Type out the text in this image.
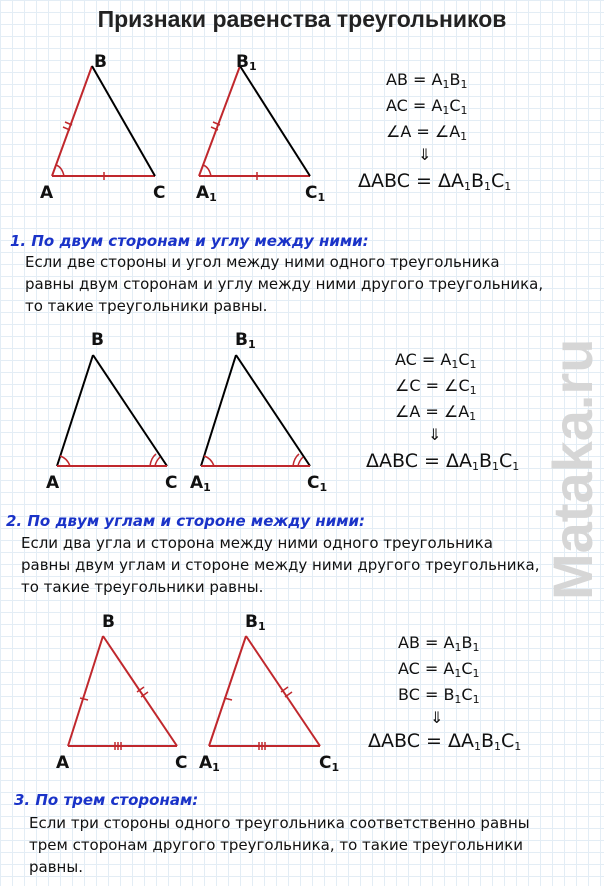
Признаки равенства треугольников
Mataka.ru
B
A	C
$B_1$
$A_1$	$C_1$
AB = $A_1B_1$
AC = $A_1C_1$
∠A = $\angle A_1$
⇓
$\Delta ABC = \Delta A_1B_1C_1$
1. По двум сторонам и углу между ними:
Если две стороны и угол между ними одного треугольника равны двум сторонам и углу между ними другого треугольника, то такие треугольники равны.
B
A	C
$B_1$
$A_1$	$C_1$
AC = $A_1C_1$
∠C = $\angle C_1$
∠A = $\angle A_1$
⇓
$\Delta ABC = \Delta A_1B_1C_1$
2. По двум углам и стороне между ними:
Если два угла и сторона между ними одного треугольника равны двум углам и стороне между ними другого треугольника, то такие треугольники равны.
B
A	C
$B_1$
$A_1$	$C_1$
AB = $A_1B_1$
AC = $A_1C_1$
BC = $B_1C_1$
⇓
$\Delta ABC = \Delta A_1B_1C_1$
3. По трем сторонам:
Если три стороны одного треугольника соответственно равны трем сторонам другого треугольника, то такие треугольники равны.
